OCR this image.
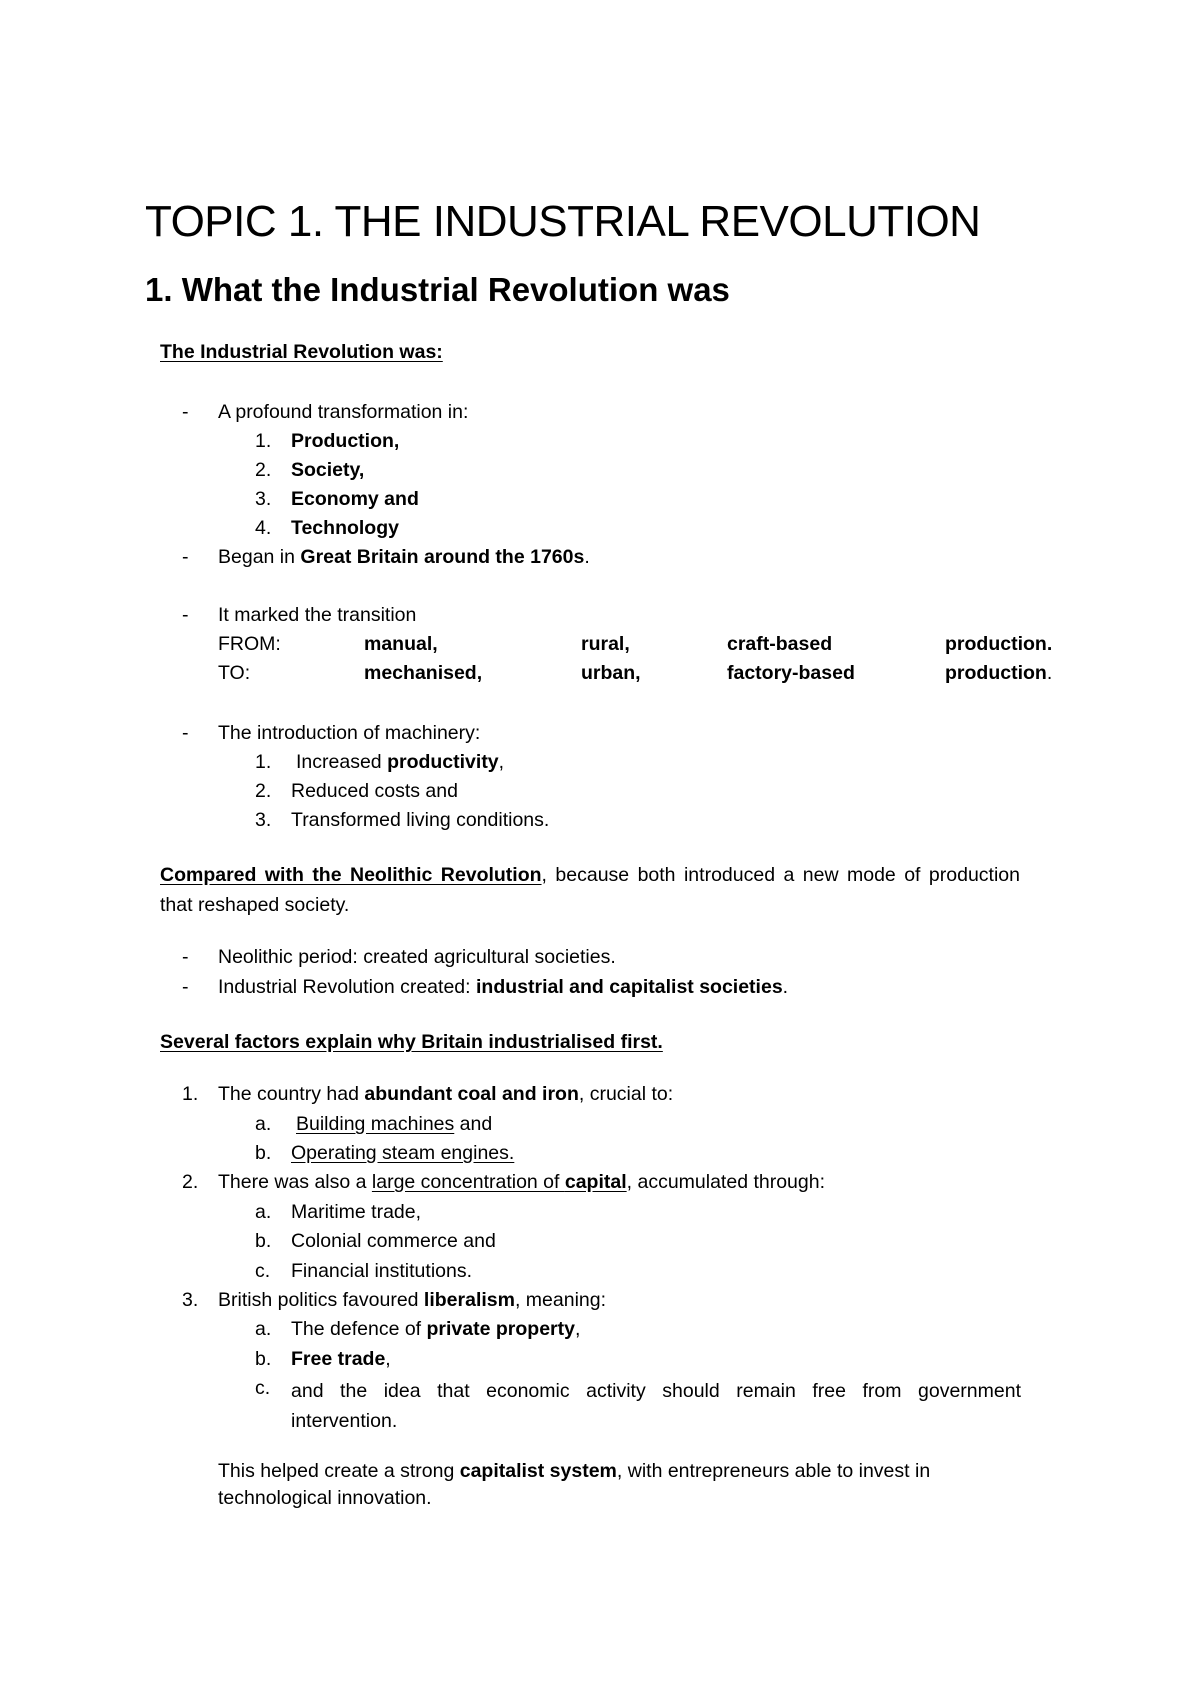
TOPIC 1. THE INDUSTRIAL REVOLUTION
1. What the Industrial Revolution was
The Industrial Revolution was:
- A profound transformation in:
1. Production,
2. Society,
3. Economy and
4. Technology
- Began in Great Britain around the 1760s.
- It marked the transition
FROM:	manual,	rural,	craft-based	production.
TO:	mechanised,	urban,	factory-based	production.
- The introduction of machinery:
1. Increased productivity,
2. Reduced costs and
3. Transformed living conditions.
Compared with the Neolithic Revolution, because both introduced a new mode of production that reshaped society.
- Neolithic period: created agricultural societies.
- Industrial Revolution created: industrial and capitalist societies.
Several factors explain why Britain industrialised first.
1. The country had abundant coal and iron, crucial to:
a. Building machines and
b. Operating steam engines.
2. There was also a large concentration of capital, accumulated through:
a. Maritime trade,
b. Colonial commerce and
c. Financial institutions.
3. British politics favoured liberalism, meaning:
a. The defence of private property,
b. Free trade,
c. and the idea that economic activity should remain free from government intervention.
This helped create a strong capitalist system, with entrepreneurs able to invest in technological innovation.
